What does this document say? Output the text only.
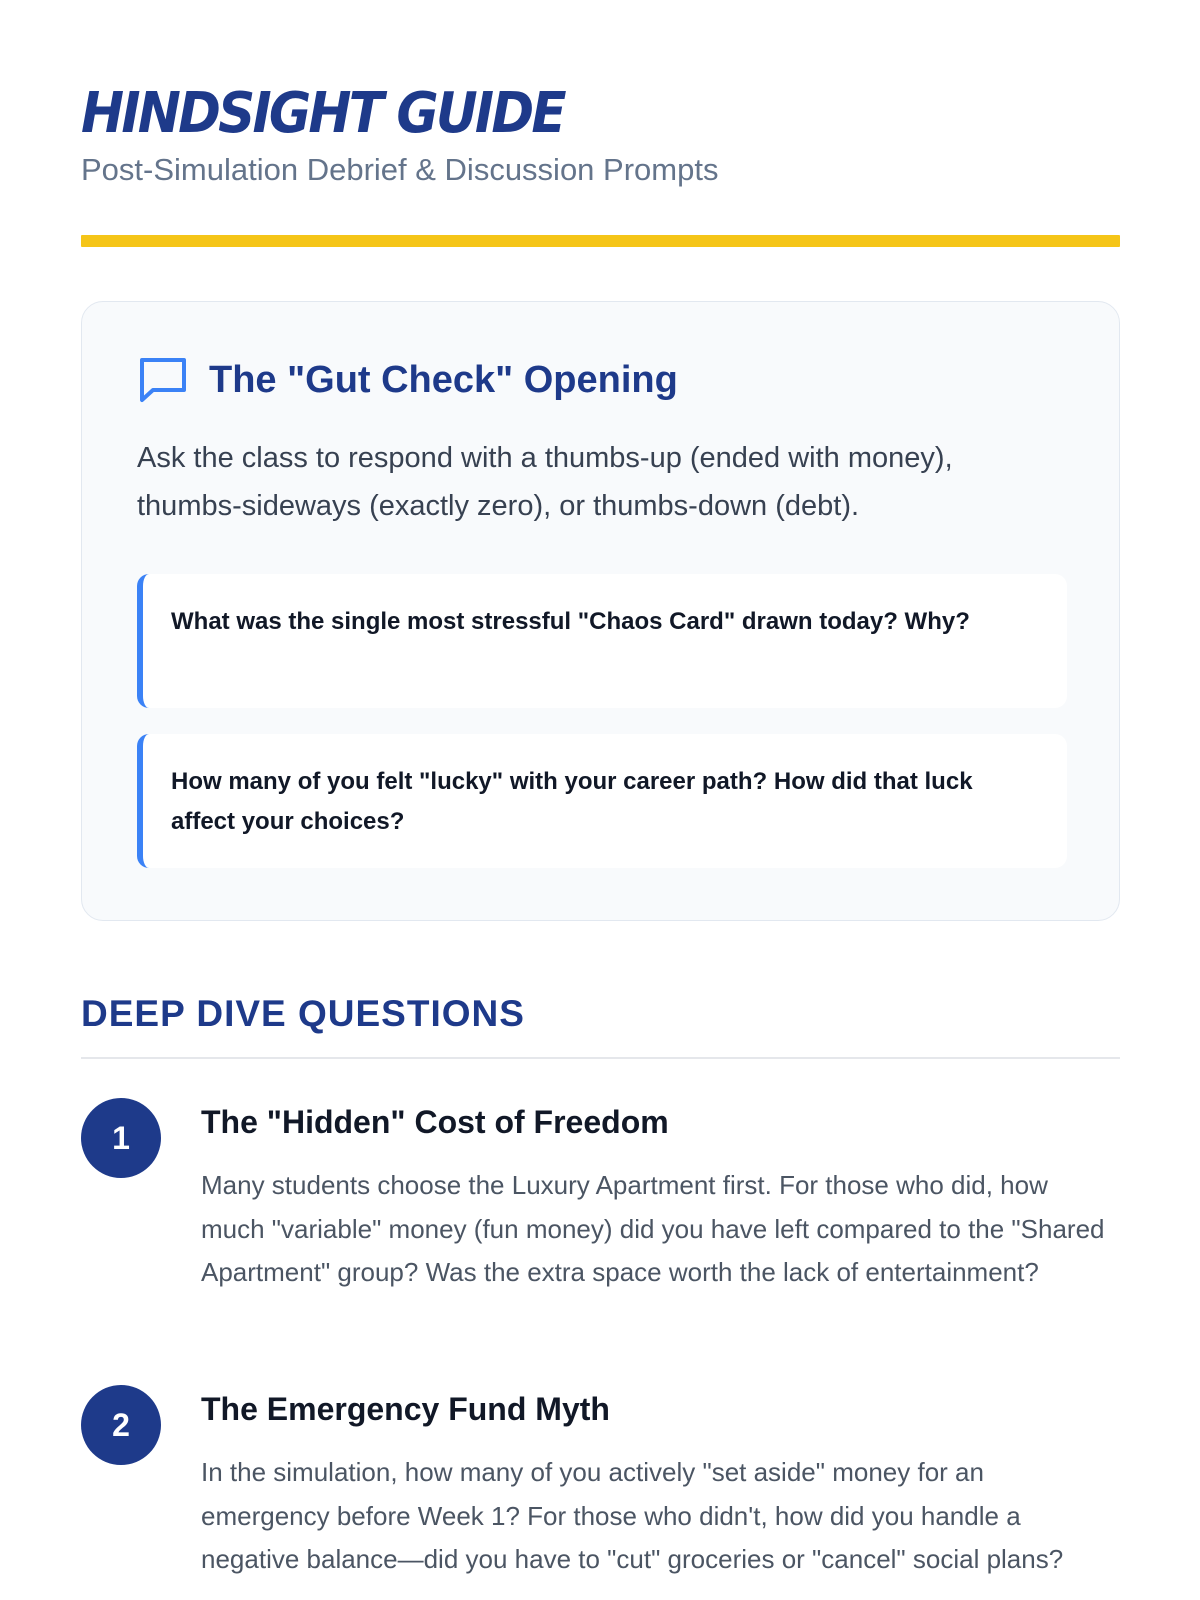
HINDSIGHT GUIDE

Post-Simulation Debrief & Discussion Prompts

The "Gut Check" Opening

Ask the class to respond with a thumbs-up (ended with money), thumbs-sideways (exactly zero), or thumbs-down (debt).

What was the single most stressful "Chaos Card" drawn today? Why?
How many of you felt "lucky" with your career path? How did that luck affect your choices?
DEEP DIVE QUESTIONS
1	The "Hidden" Cost of Freedom

Many students choose the Luxury Apartment first. For those who did, how much "variable" money (fun money) did you have left compared to the "Shared Apartment" group? Was the extra space worth the lack of entertainment?

2	The Emergency Fund Myth

In the simulation, how many of you actively "set aside" money for an emergency before Week 1? For those who didn't, how did you handle a negative balance—did you have to "cut" groceries or "cancel" social plans?
